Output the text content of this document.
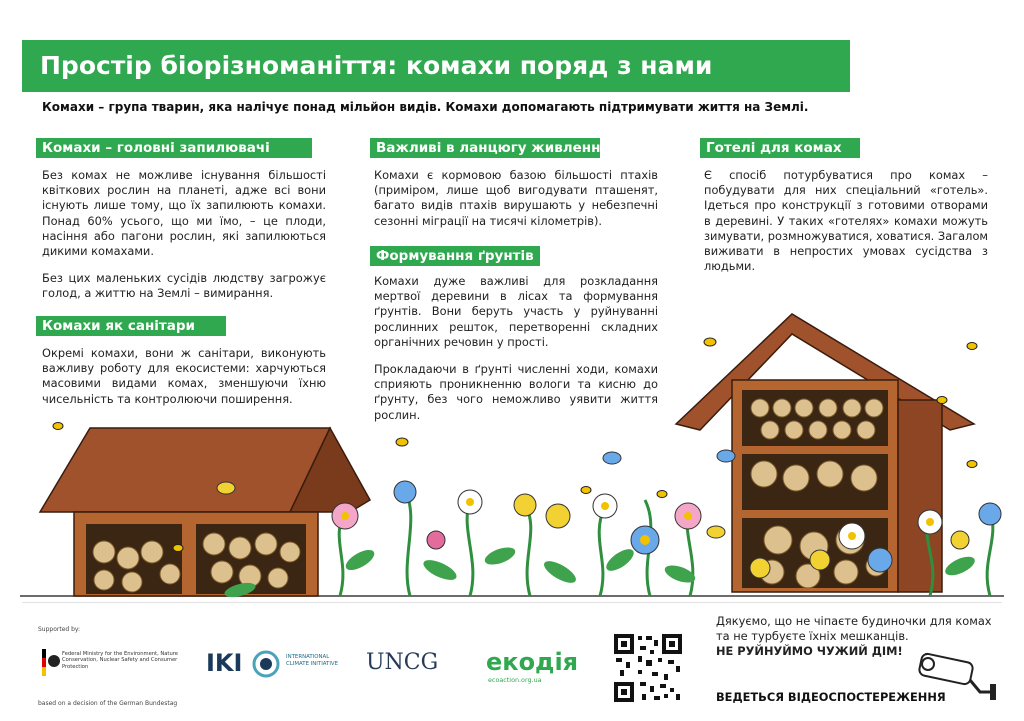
Простір біорізноманіття: комахи поряд з нами
Комахи – група тварин, яка налічує понад мільйон видів. Комахи допомагають підтримувати життя на Землі.
Комахи – головні запилювачі

Без комах не можливе існування більшості квіткових рослин на планеті, адже всі вони існують лише тому, що їх запилюють комахи. Понад 60% усього, що ми їмо, – це плоди, насіння або пагони рослин, які запилюються дикими комахами.

Без цих маленьких сусідів людству загрожує голод, а життю на Землі – вимирання.

Комахи як санітари

Окремі комахи, вони ж санітари, виконують важливу роботу для екосистеми: харчуються масовими видами комах, зменшуючи їхню чисельність та контролюючи поширення.

Важливі в ланцюгу живлення

Комахи є кормовою базою більшості птахів (приміром, лише щоб вигодувати пташенят, багато видів птахів вирушають у небезпечні сезонні міграції на тисячі кілометрів).

Формування ґрунтів

Комахи дуже важливі для розкладання мертвої деревини в лісах та формування ґрунтів. Вони беруть участь у руйнуванні рослинних решток, перетворенні складних органічних речовин у прості.

Прокладаючи в ґрунті численні ходи, комахи сприяють проникненню вологи та кисню до ґрунту, без чого неможливо уявити життя рослин.

Готелі для комах

Є спосіб потурбуватися про комах – побудувати для них спеціальний «готель». Ідеться про конструкції з готовими отворами в деревині. У таких «готелях» комахи можуть зимувати, розмножуватися, ховатися. Загалом виживати в непростих умовах сусідства з людьми.

Supported by:
Federal Ministry for the Environment, Nature Conservation, Nuclear Safety and Consumer Protection
based on a decision of the German Bundestag
IKI	INTERNATIONAL CLIMATE INITIATIVE	UNCG екодія
ecoaction.org.ua
Дякуємо, що не чіпаєте будиночки для комах та не турбуєте їхніх мешканців.
НЕ РУЙНУЙМО ЧУЖИЙ ДІМ!
ВЕДЕТЬСЯ ВІДЕОСПОСТЕРЕЖЕННЯ
